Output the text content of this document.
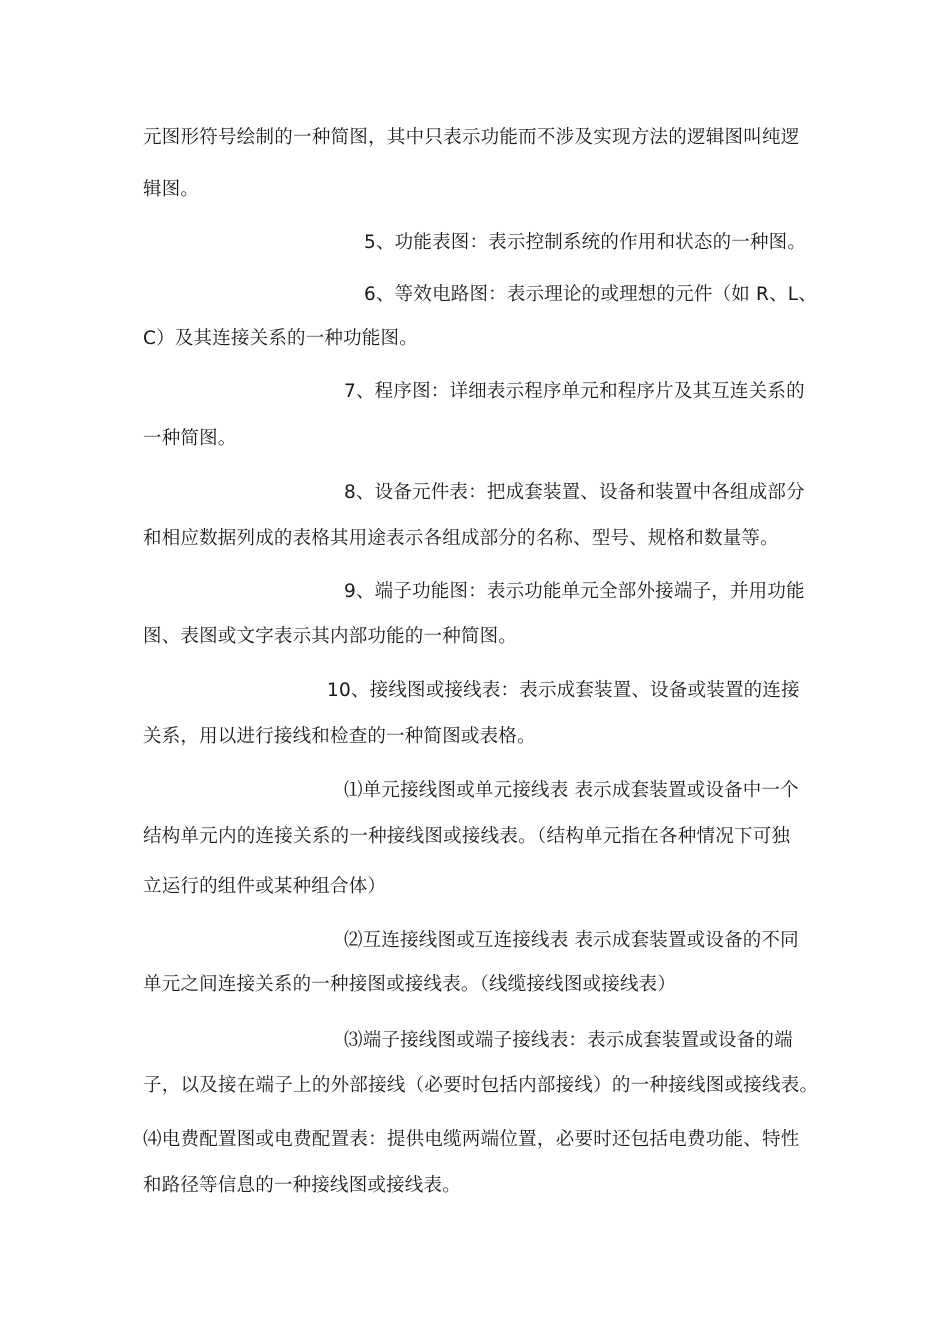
元图形符号绘制的一种简图，其中只表示功能而不涉及实现方法的逻辑图叫纯逻
辑图。
5、功能表图：表示控制系统的作用和状态的一种图。
6、等效电路图：表示理论的或理想的元件（如 R、L、
C）及其连接关系的一种功能图。
7、程序图：详细表示程序单元和程序片及其互连关系的
一种简图。
8、设备元件表：把成套装置、设备和装置中各组成部分
和相应数据列成的表格其用途表示各组成部分的名称、型号、规格和数量等。
9、端子功能图：表示功能单元全部外接端子，并用功能
图、表图或文字表示其内部功能的一种简图。
10、接线图或接线表：表示成套装置、设备或装置的连接
关系，用以进行接线和检查的一种简图或表格。
⑴单元接线图或单元接线表 表示成套装置或设备中一个
结构单元内的连接关系的一种接线图或接线表。（结构单元指在各种情况下可独
立运行的组件或某种组合体）
⑵互连接线图或互连接线表 表示成套装置或设备的不同
单元之间连接关系的一种接图或接线表。（线缆接线图或接线表）
⑶端子接线图或端子接线表：表示成套装置或设备的端
子，以及接在端子上的外部接线（必要时包括内部接线）的一种接线图或接线表。
⑷电费配置图或电费配置表：提供电缆两端位置，必要时还包括电费功能、特性
和路径等信息的一种接线图或接线表。
